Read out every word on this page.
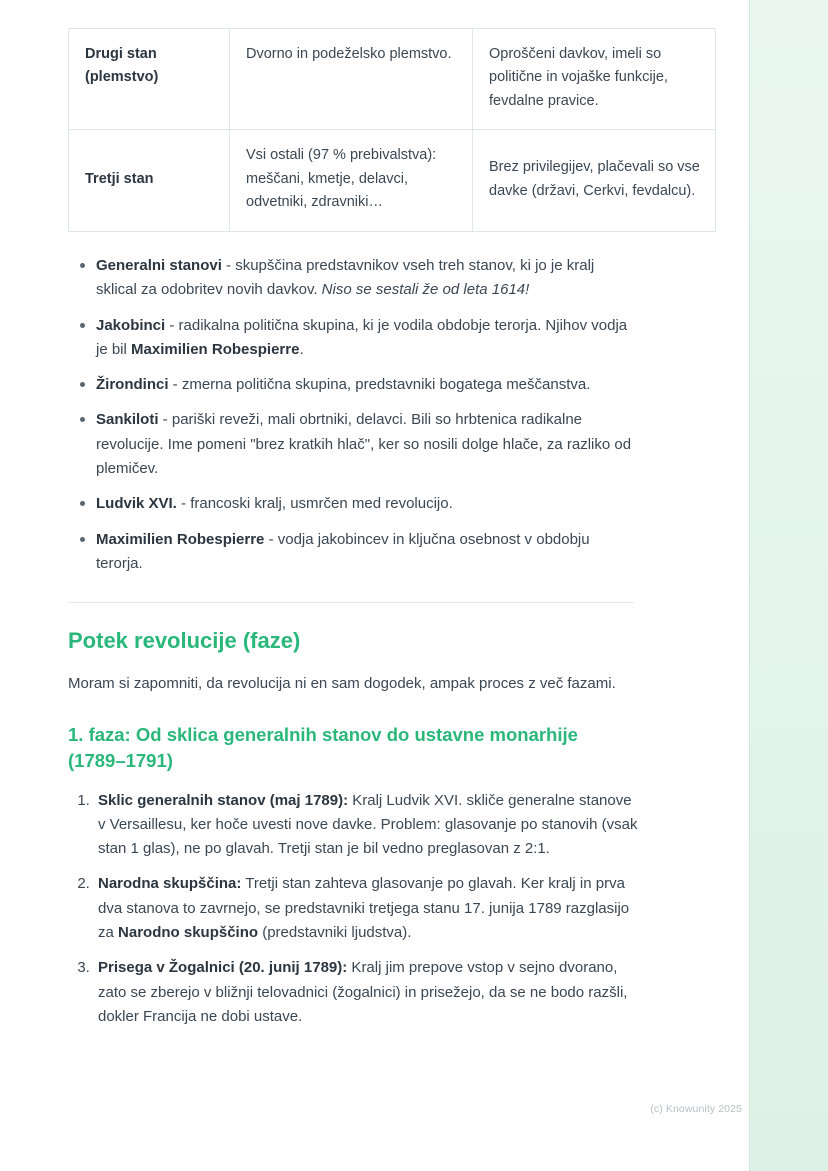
Drugi stan (plemstvo)	Dvorno in podeželsko plemstvo.	Oproščeni davkov, imeli so politične in vojaške funkcije, fevdalne pravice.
Tretji stan	Vsi ostali (97 % prebivalstva): meščani, kmetje, delavci, odvetniki, zdravniki…	Brez privilegijev, plačevali so vse davke (državi, Cerkvi, fevdalcu).
Generalni stanovi - skupščina predstavnikov vseh treh stanov, ki jo je kralj sklical za odobritev novih davkov. Niso se sestali že od leta 1614!
Jakobinci - radikalna politična skupina, ki je vodila obdobje terorja. Njihov vodja je bil Maximilien Robespierre.
Žirondinci - zmerna politična skupina, predstavniki bogatega meščanstva.
Sankiloti - pariški reveži, mali obrtniki, delavci. Bili so hrbtenica radikalne revolucije. Ime pomeni "brez kratkih hlač", ker so nosili dolge hlače, za razliko od plemičev.
Ludvik XVI. - francoski kralj, usmrčen med revolucijo.
Maximilien Robespierre - vodja jakobincev in ključna osebnost v obdobju terorja.
Potek revolucije (faze)

Moram si zapomniti, da revolucija ni en sam dogodek, ampak proces z več fazami.

1. faza: Od sklica generalnih stanov do ustavne monarhije (1789–1791)
1. Sklic generalnih stanov (maj 1789): Kralj Ludvik XVI. skliče generalne stanove v Versaillesu, ker hoče uvesti nove davke. Problem: glasovanje po stanovih (vsak stan 1 glas), ne po glavah. Tretji stan je bil vedno preglasovan z 2:1.
2. Narodna skupščina: Tretji stan zahteva glasovanje po glavah. Ker kralj in prva dva stanova to zavrnejo, se predstavniki tretjega stanu 17. junija 1789 razglasijo za Narodno skupščino (predstavniki ljudstva).
3. Prisega v Žogalnici (20. junij 1789): Kralj jim prepove vstop v sejno dvorano, zato se zberejo v bližnji telovadnici (žogalnici) in prisežejo, da se ne bodo razšli, dokler Francija ne dobi ustave.
(c) Knowunity 2025
